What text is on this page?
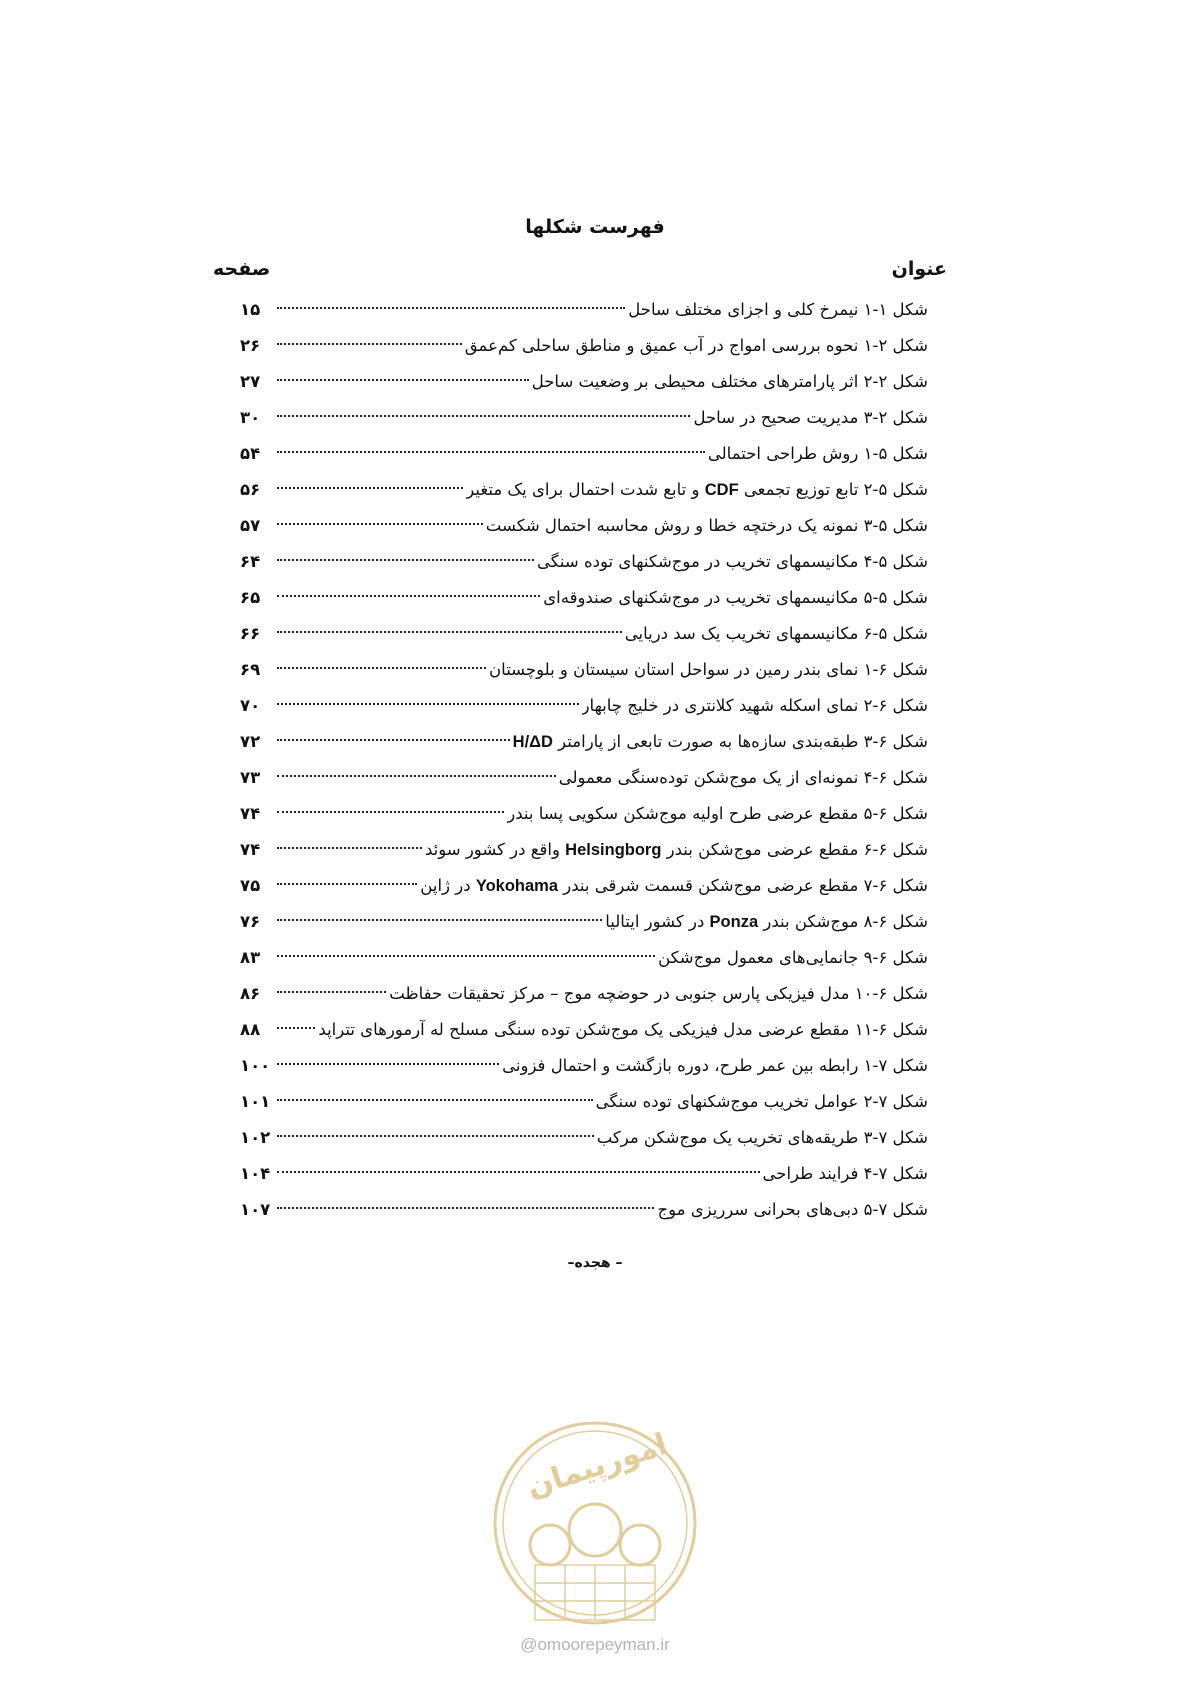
فهرست شکلها
عنوان
صفحه
شکل ۱-۱ نیمرخ کلی و اجزای مختلف ساحل
۱۵
شکل ۲-۱ نحوه بررسی امواج در آب عمیق و مناطق ساحلی کم‌عمق
۲۶
شکل ۲-۲ اثر پارامترهای مختلف محیطی بر وضعیت ساحل
۲۷
شکل ۲-۳ مدیریت صحیح در ساحل
۳۰
شکل ۵-۱ روش طراحی احتمالی
۵۴
شکل ۵-۲ تابع توزیع تجمعی CDF و تابع شدت احتمال برای یک متغیر
۵۶
شکل ۵-۳ نمونه یک درختچه خطا و روش محاسبه احتمال شکست
۵۷
شکل ۵-۴ مکانیسمهای تخریب در موج‌شکنهای توده سنگی
۶۴
شکل ۵-۵ مکانیسمهای تخریب در موج‌شکنهای صندوقه‌ای
۶۵
شکل ۵-۶ مکانیسمهای تخریب یک سد دریایی
۶۶
شکل ۶-۱ نمای بندر رمین در سواحل استان سیستان و بلوچستان
۶۹
شکل ۶-۲ نمای اسکله شهید کلانتری در خلیج چابهار
۷۰
شکل ۶-۳ طبقه‌بندی سازه‌ها به صورت تابعی از پارامتر H/ΔD
۷۲
شکل ۶-۴ نمونه‌ای از یک موج‌شکن توده‌سنگی معمولی
۷۳
شکل ۶-۵ مقطع عرضی طرح اولیه موج‌شکن سکویی پسا بندر
۷۴
شکل ۶-۶ مقطع عرضی موج‌شکن بندر Helsingborg واقع در کشور سوئد
۷۴
شکل ۶-۷ مقطع عرضی موج‌شکن قسمت شرقی بندر Yokohama در ژاپن
۷۵
شکل ۶-۸ موج‌شکن بندر Ponza در کشور ایتالیا
۷۶
شکل ۶-۹ جانمایی‌های معمول موج‌شکن
۸۳
شکل ۶-۱۰ مدل فیزیکی پارس جنوبی در حوضچه موج – مرکز تحقیقات حفاظت
۸۶
شکل ۶-۱۱ مقطع عرضی مدل فیزیکی یک موج‌شکن توده سنگی مسلح له آرمورهای تتراپد
۸۸
شکل ۷-۱ رابطه بین عمر طرح، دوره بازگشت و احتمال فزونی
۱۰۰
شکل ۷-۲ عوامل تخریب موج‌شکنهای توده سنگی
۱۰۱
شکل ۷-۳ طریقه‌های تخریب یک موج‌شکن مرکب
۱۰۲
شکل ۷-۴ فرایند طراحی
۱۰۴
شکل ۷-۵ دبی‌های بحرانی سرریزی موج
۱۰۷
– هجده–
امورپیمان
@omoorepeyman.ir
